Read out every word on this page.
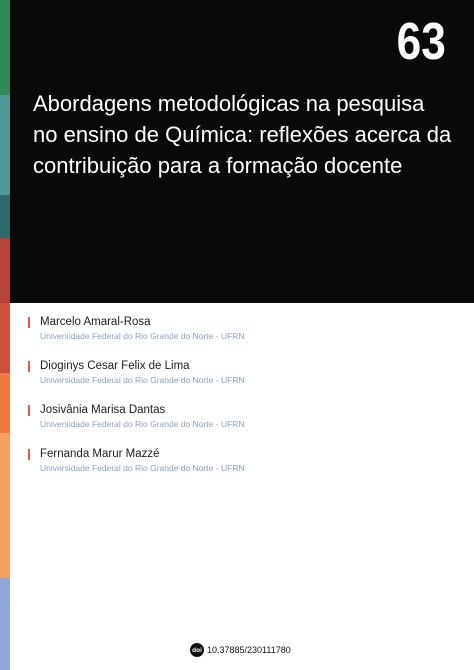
63
Abordagens metodológicas na pesquisa
no ensino de Química: reflexões acerca da
contribuição para a formação docente
Marcelo Amaral-Rosa
Universidade Federal do Rio Grande do Norte - UFRN
Dioginys Cesar Felix de Lima
Universidade Federal do Rio Grande do Norte - UFRN
Josivânia Marisa Dantas
Universidade Federal do Rio Grande do Norte - UFRN
Fernanda Marur Mazzé
Universidade Federal do Rio Grande do Norte - UFRN
doi 10.37885/230111780
